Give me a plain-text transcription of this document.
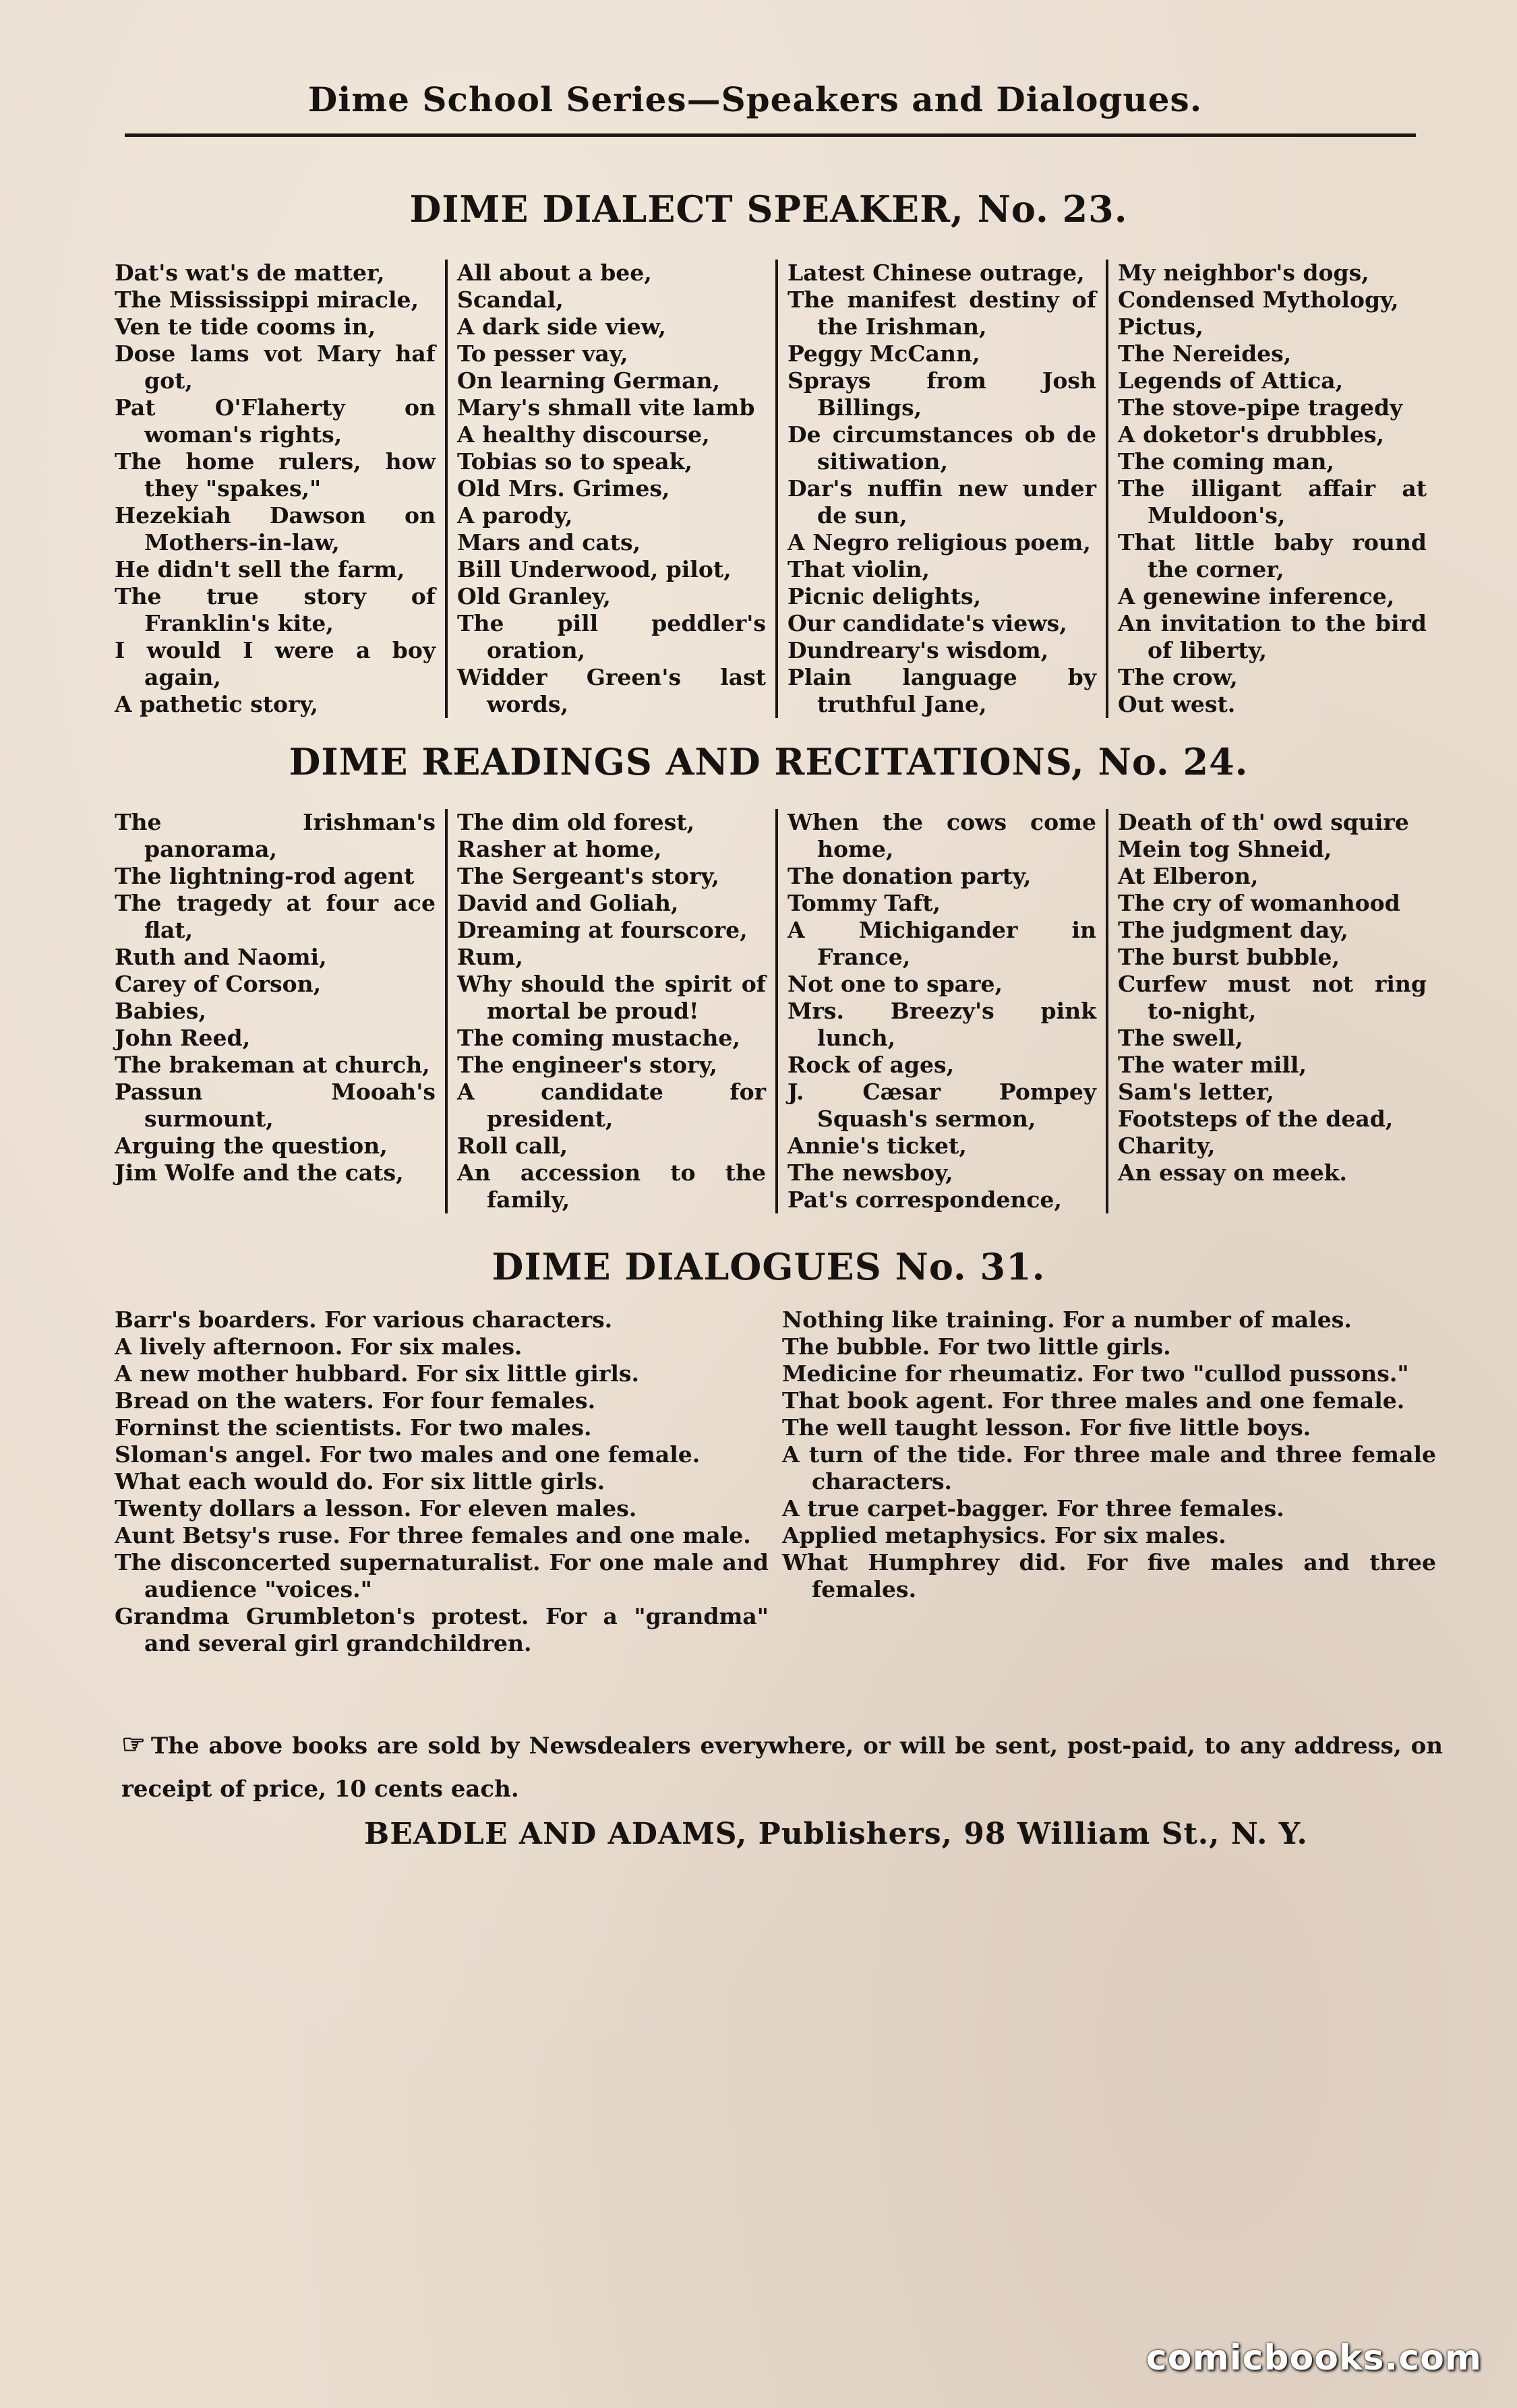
Dime School Series—Speakers and Dialogues.
DIME DIALECT SPEAKER, No. 23.
Dat's wat's de matter,
The Mississippi miracle,
Ven te tide cooms in,
Dose lams vot Mary haf got,
Pat O'Flaherty on woman's rights,
The home rulers, how they "spakes,"
Hezekiah Dawson on Mothers-in-law,
He didn't sell the farm,
The true story of Franklin's kite,
I would I were a boy again,
A pathetic story,
All about a bee,
Scandal,
A dark side view,
To pesser vay,
On learning German,
Mary's shmall vite lamb
A healthy discourse,
Tobias so to speak,
Old Mrs. Grimes,
A parody,
Mars and cats,
Bill Underwood, pilot,
Old Granley,
The pill peddler's oration,
Widder Green's last words,
Latest Chinese outrage,
The manifest destiny of the Irishman,
Peggy McCann,
Sprays from Josh Billings,
De circumstances ob de sitiwation,
Dar's nuffin new under de sun,
A Negro religious poem,
That violin,
Picnic delights,
Our candidate's views,
Dundreary's wisdom,
Plain language by truthful Jane,
My neighbor's dogs,
Condensed Mythology,
Pictus,
The Nereides,
Legends of Attica,
The stove-pipe tragedy
A doketor's drubbles,
The coming man,
The illigant affair at Muldoon's,
That little baby round the corner,
A genewine inference,
An invitation to the bird of liberty,
The crow,
Out west.
DIME READINGS AND RECITATIONS, No. 24.
The Irishman's panorama,
The lightning-rod agent
The tragedy at four ace flat,
Ruth and Naomi,
Carey of Corson,
Babies,
John Reed,
The brakeman at church,
Passun Mooah's surmount,
Arguing the question,
Jim Wolfe and the cats,
The dim old forest,
Rasher at home,
The Sergeant's story,
David and Goliah,
Dreaming at fourscore,
Rum,
Why should the spirit of mortal be proud!
The coming mustache,
The engineer's story,
A candidate for president,
Roll call,
An accession to the family,
When the cows come home,
The donation party,
Tommy Taft,
A Michigander in France,
Not one to spare,
Mrs. Breezy's pink lunch,
Rock of ages,
J. Cæsar Pompey Squash's sermon,
Annie's ticket,
The newsboy,
Pat's correspondence,
Death of th' owd squire
Mein tog Shneid,
At Elberon,
The cry of womanhood
The judgment day,
The burst bubble,
Curfew must not ring to-night,
The swell,
The water mill,
Sam's letter,
Footsteps of the dead,
Charity,
An essay on meek.
DIME DIALOGUES No. 31.
Barr's boarders. For various characters.
A lively afternoon. For six males.
A new mother hubbard. For six little girls.
Bread on the waters. For four females.
Forninst the scientists. For two males.
Sloman's angel. For two males and one female.
What each would do. For six little girls.
Twenty dollars a lesson. For eleven males.
Aunt Betsy's ruse. For three females and one male.
The disconcerted supernaturalist. For one male and audience "voices."
Grandma Grumbleton's protest. For a "grandma" and several girl grandchildren.
Nothing like training. For a number of males.
The bubble. For two little girls.
Medicine for rheumatiz. For two "cullod pussons."
That book agent. For three males and one female.
The well taught lesson. For five little boys.
A turn of the tide. For three male and three female characters.
A true carpet-bagger. For three females.
Applied metaphysics. For six males.
What Humphrey did. For five males and three females.
☞ The above books are sold by Newsdealers everywhere, or will be sent, post-paid, to any address, on receipt of price, 10 cents each.
BEADLE AND ADAMS, Publishers, 98 William St., N. Y.
comicbooks.com
